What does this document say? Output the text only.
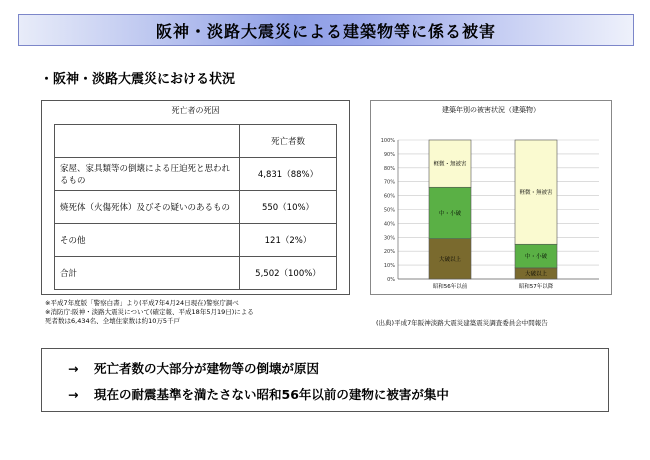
阪神・淡路大震災による建築物等に係る被害
・阪神・淡路大震災における状況
死亡者の死因
	死亡者数
家屋、家具類等の倒壊による圧迫死と思われるもの	4,831（88%）
焼死体（火傷死体）及びその疑いのあるもの	550（10%）
その他	121（2%）
合計	5,502（100%）
※平成7年度版「警察白書」より(平成7年4月24日現在)警察庁調べ
※消防庁:阪神・淡路大震災について(確定報、平成18年5月19日)による
死者数は6,434名、全壊住家数は約10万5千戸
建築年別の被害状況（建築物）
0%
10%
20%
30%
40%
50%
60%
70%
80%
90%
100%
大破以上
中・小破
軽微・無被害
昭和56年以前
大破以上
中・小破
軽微・無被害
昭和57年以降
(出典)平成7年阪神淡路大震災建築震災調査委員会中間報告
→ 死亡者数の大部分が建物等の倒壊が原因
→ 現在の耐震基準を満たさない昭和56年以前の建物に被害が集中
